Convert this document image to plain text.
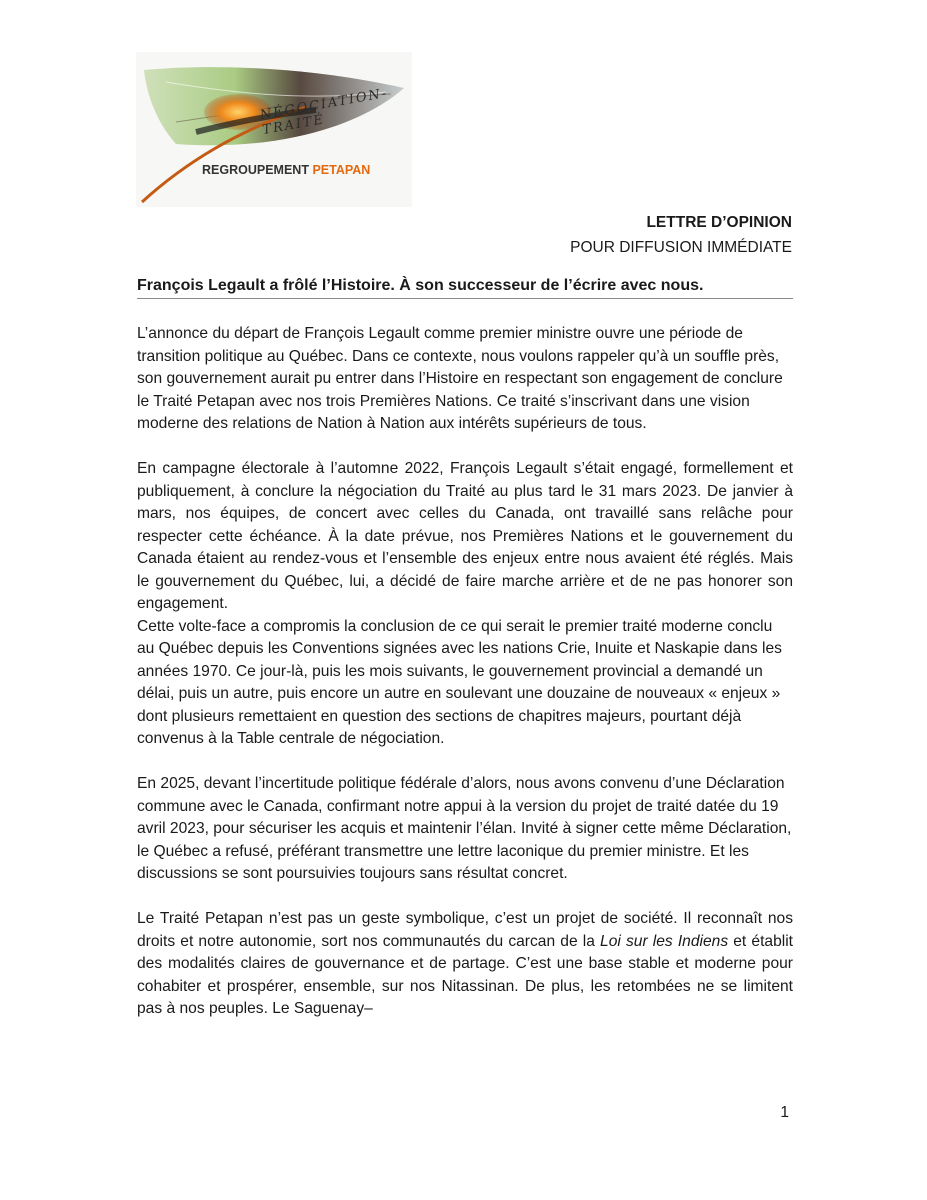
NÉGOCIATION-TRAITÉ
REGROUPEMENT PETAPAN
LETTRE D’OPINION
POUR DIFFUSION IMMÉDIATE
François Legault a frôlé l’Histoire. À son successeur de l’écrire avec nous.

L’annonce du départ de François Legault comme premier ministre ouvre une période de transition politique au Québec. Dans ce contexte, nous voulons rappeler qu’à un souffle près, son gouvernement aurait pu entrer dans l’Histoire en respectant son engagement de conclure le Traité Petapan avec nos trois Premières Nations. Ce traité s’inscrivant dans une vision moderne des relations de Nation à Nation aux intérêts supérieurs de tous.

En campagne électorale à l’automne 2022, François Legault s’était engagé, formellement et publiquement, à conclure la négociation du Traité au plus tard le 31 mars 2023. De janvier à mars, nos équipes, de concert avec celles du Canada, ont travaillé sans relâche pour respecter cette échéance. À la date prévue, nos Premières Nations et le gouvernement du Canada étaient au rendez-vous et l’ensemble des enjeux entre nous avaient été réglés. Mais le gouvernement du Québec, lui, a décidé de faire marche arrière et de ne pas honorer son engagement.

Cette volte-face a compromis la conclusion de ce qui serait le premier traité moderne conclu au Québec depuis les Conventions signées avec les nations Crie, Inuite et Naskapie dans les années 1970. Ce jour-là, puis les mois suivants, le gouvernement provincial a demandé un délai, puis un autre, puis encore un autre en soulevant une douzaine de nouveaux « enjeux » dont plusieurs remettaient en question des sections de chapitres majeurs, pourtant déjà convenus à la Table centrale de négociation.

En 2025, devant l’incertitude politique fédérale d’alors, nous avons convenu d’une Déclaration commune avec le Canada, confirmant notre appui à la version du projet de traité datée du 19 avril 2023, pour sécuriser les acquis et maintenir l’élan. Invité à signer cette même Déclaration, le Québec a refusé, préférant transmettre une lettre laconique du premier ministre. Et les discussions se sont poursuivies toujours sans résultat concret.

Le Traité Petapan n’est pas un geste symbolique, c’est un projet de société. Il reconnaît nos droits et notre autonomie, sort nos communautés du carcan de la Loi sur les Indiens et établit des modalités claires de gouvernance et de partage. C’est une base stable et moderne pour cohabiter et prospérer, ensemble, sur nos Nitassinan. De plus, les retombées ne se limitent pas à nos peuples. Le Saguenay–

1
